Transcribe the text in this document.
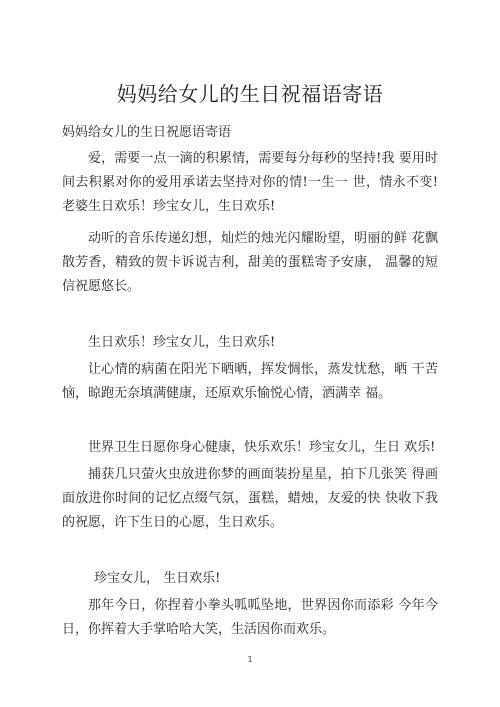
妈妈给女儿的生日祝福语寄语
妈妈给女儿的生日祝愿语寄语

爱，需要一点一滴的积累情，需要每分每秒的坚持!我 要用时间去积累对你的爱用承诺去坚持对你的情!一生一 世，情永不变!老婆生日欢乐！珍宝女儿，生日欢乐!

动听的音乐传递幻想，灿烂的烛光闪耀盼望，明丽的鲜 花飘散芳香，精致的贺卡诉说吉利，甜美的蛋糕寄予安康， 温馨的短信祝愿悠长。

生日欢乐！珍宝女儿，生日欢乐!

让心情的病菌在阳光下晒晒，挥发惆怅，蒸发忧愁，晒 干苦恼，晾跑无奈填满健康，还原欢乐愉悦心情，洒满幸 福。

世界卫生日愿你身心健康，快乐欢乐！珍宝女儿，生日 欢乐!

捕获几只萤火虫放进你梦的画面装扮星星，拍下几张笑 得画面放进你时间的记忆点缀气氛，蛋糕，蜡烛，友爱的快 快收下我的祝愿，许下生日的心愿，生日欢乐。

珍宝女儿， 生日欢乐!

那年今日，你捏着小拳头呱呱坠地，世界因你而添彩 今年今日，你挥着大手掌哈哈大笑，生活因你而欢乐。

1
